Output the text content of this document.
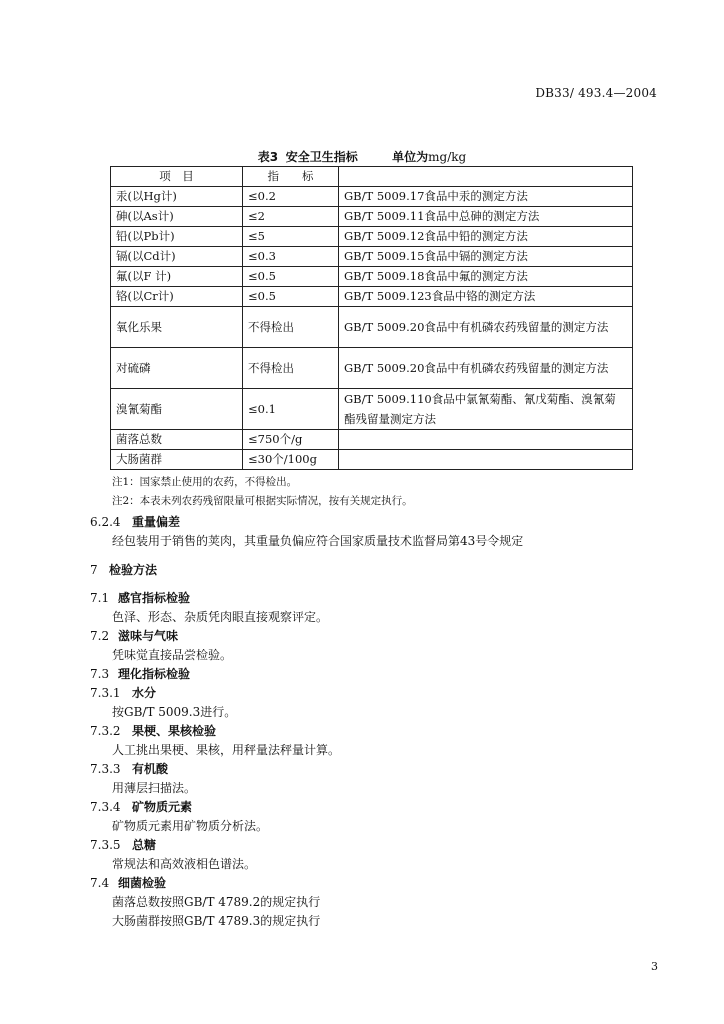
DB33/ 493.4—2004
表3 安全卫生指标	单位为mg/kg
项　目	指　　标	
汞(以Hg计)	≤0.2	GB/T 5009.17食品中汞的测定方法
砷(以As计)	≤2	GB/T 5009.11食品中总砷的测定方法
铅(以Pb计)	≤5	GB/T 5009.12食品中铅的测定方法
镉(以Cd计)	≤0.3	GB/T 5009.15食品中镉的测定方法
氟(以F 计)	≤0.5	GB/T 5009.18食品中氟的测定方法
铬(以Cr计)	≤0.5	GB/T 5009.123食品中铬的测定方法
氧化乐果	不得检出	GB/T 5009.20食品中有机磷农药残留量的测定方法
对硫磷	不得检出	GB/T 5009.20食品中有机磷农药残留量的测定方法
溴氰菊酯	≤0.1	GB/T 5009.110食品中氯氰菊酯、氰戊菊酯、溴氰菊酯残留量测定方法
菌落总数	≤750个/g	
大肠菌群	≤30个/100g	
注1：国家禁止使用的农药，不得检出。
注2：本表未列农药残留限量可根据实际情况，按有关规定执行。
6.2.4 重量偏差
经包装用于销售的荚肉，其重量负偏应符合国家质量技术监督局第43号令规定
7 检验方法
7.1 感官指标检验
色泽、形态、杂质凭肉眼直接观察评定。
7.2 滋味与气味
凭味觉直接品尝检验。
7.3 理化指标检验
7.3.1 水分
按GB/T 5009.3进行。
7.3.2 果梗、果核检验
人工挑出果梗、果核，用秤量法秤量计算。
7.3.3 有机酸
用薄层扫描法。
7.3.4 矿物质元素
矿物质元素用矿物质分析法。
7.3.5 总糖
常规法和高效液相色谱法。
7.4 细菌检验
菌落总数按照GB/T 4789.2的规定执行
大肠菌群按照GB/T 4789.3的规定执行
3
